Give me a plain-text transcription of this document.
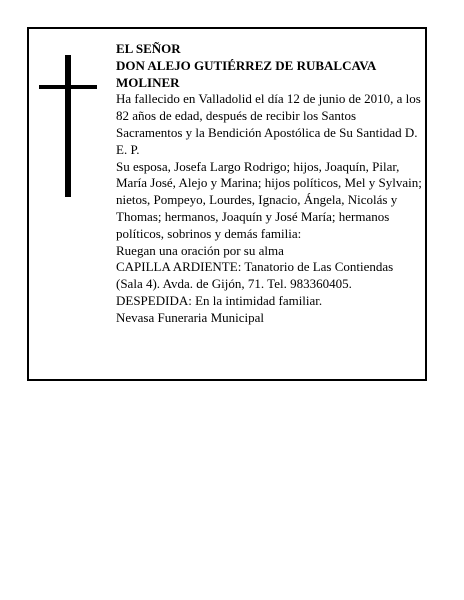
EL SEÑOR

DON ALEJO GUTIÉRREZ DE RUBALCAVA MOLINER

Ha fallecido en Valladolid el día 12 de junio de 2010, a los 82 años de edad, después de recibir los Santos Sacramentos y la Bendición Apostólica de Su Santidad D. E. P.

Su esposa, Josefa Largo Rodrigo; hijos, Joaquín, Pilar, María José, Alejo y Marina; hijos políticos, Mel y Sylvain; nietos, Pompeyo, Lourdes, Ignacio, Ángela, Nicolás y Thomas; hermanos, Joaquín y José María; hermanos políticos, sobrinos y demás familia:

Ruegan una oración por su alma

CAPILLA ARDIENTE: Tanatorio de Las Contiendas (Sala 4). Avda. de Gijón, 71. Tel. 983360405.

DESPEDIDA: En la intimidad familiar.

Nevasa Funeraria Municipal
